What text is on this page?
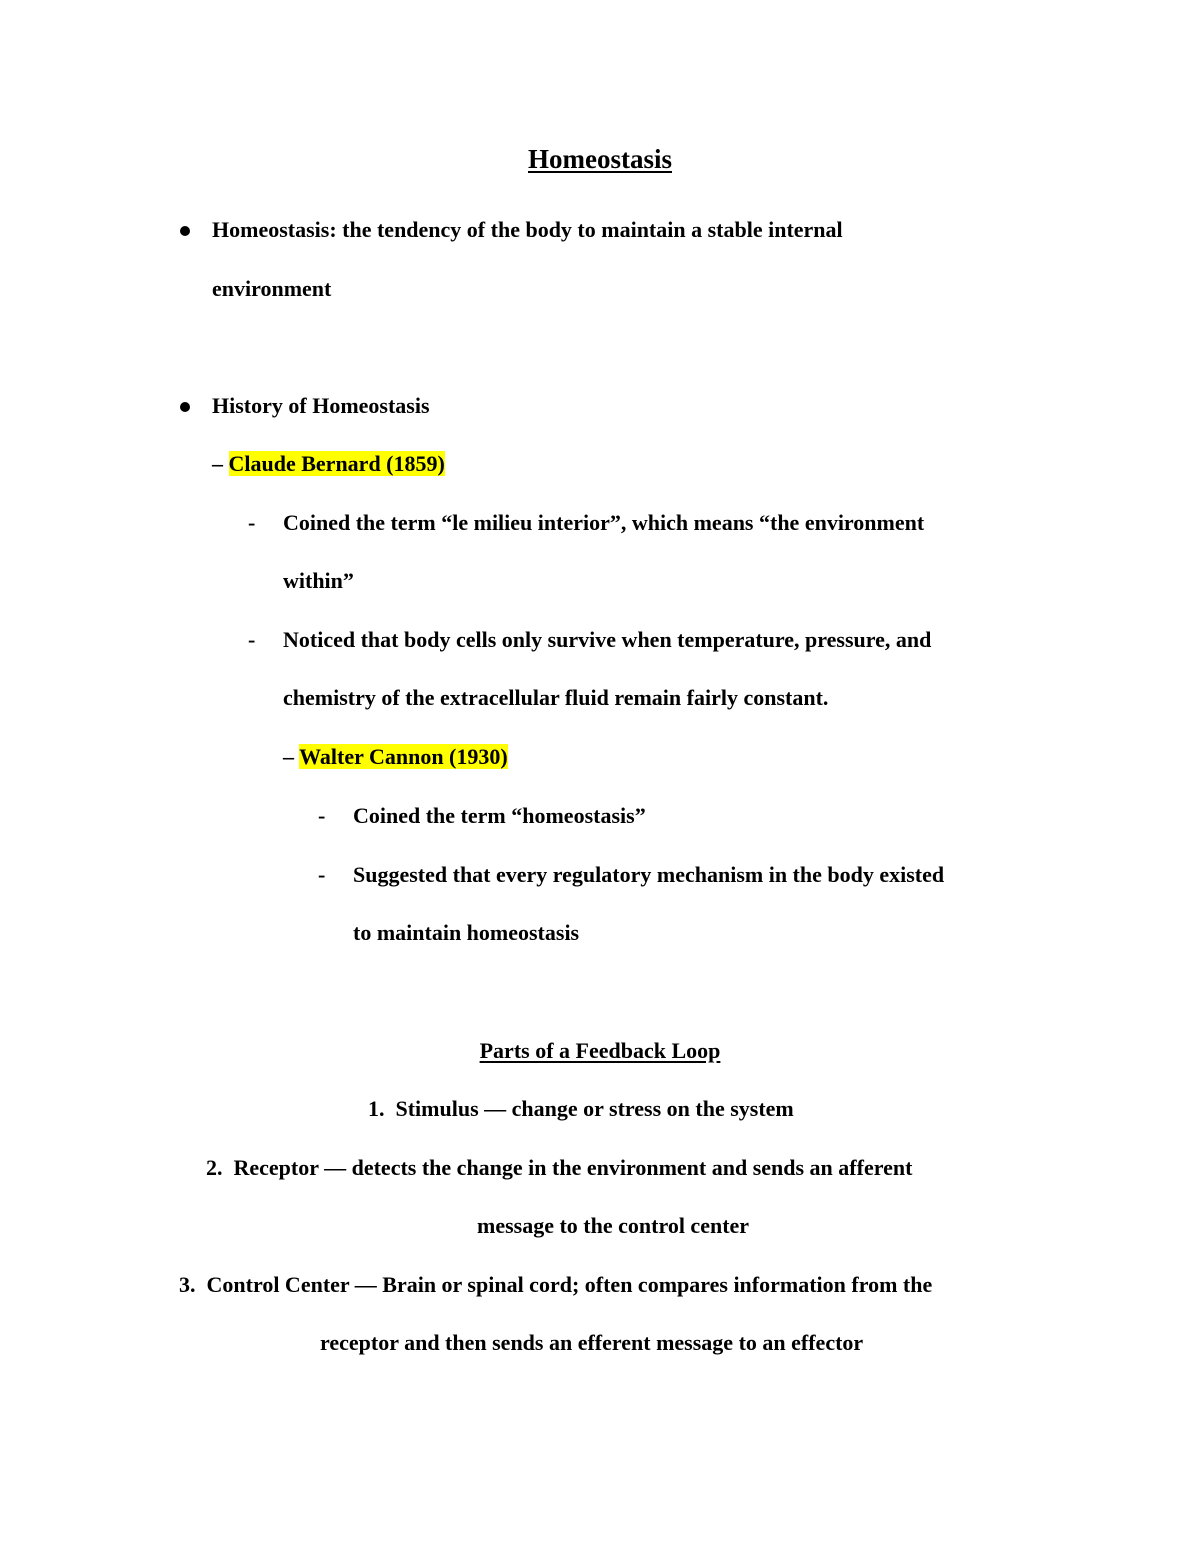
Homeostasis
Homeostasis: the tendency of the body to maintain a stable internal
environment
History of Homeostasis
– Claude Bernard (1859)
- Coined the term “le milieu interior”, which means “the environment
within”
- Noticed that body cells only survive when temperature, pressure, and
chemistry of the extracellular fluid remain fairly constant.
– Walter Cannon (1930)
- Coined the term “homeostasis”
- Suggested that every regulatory mechanism in the body existed
to maintain homeostasis
Parts of a Feedback Loop
1. Stimulus — change or stress on the system
2. Receptor — detects the change in the environment and sends an afferent
message to the control center
3. Control Center — Brain or spinal cord; often compares information from the
receptor and then sends an efferent message to an effector
